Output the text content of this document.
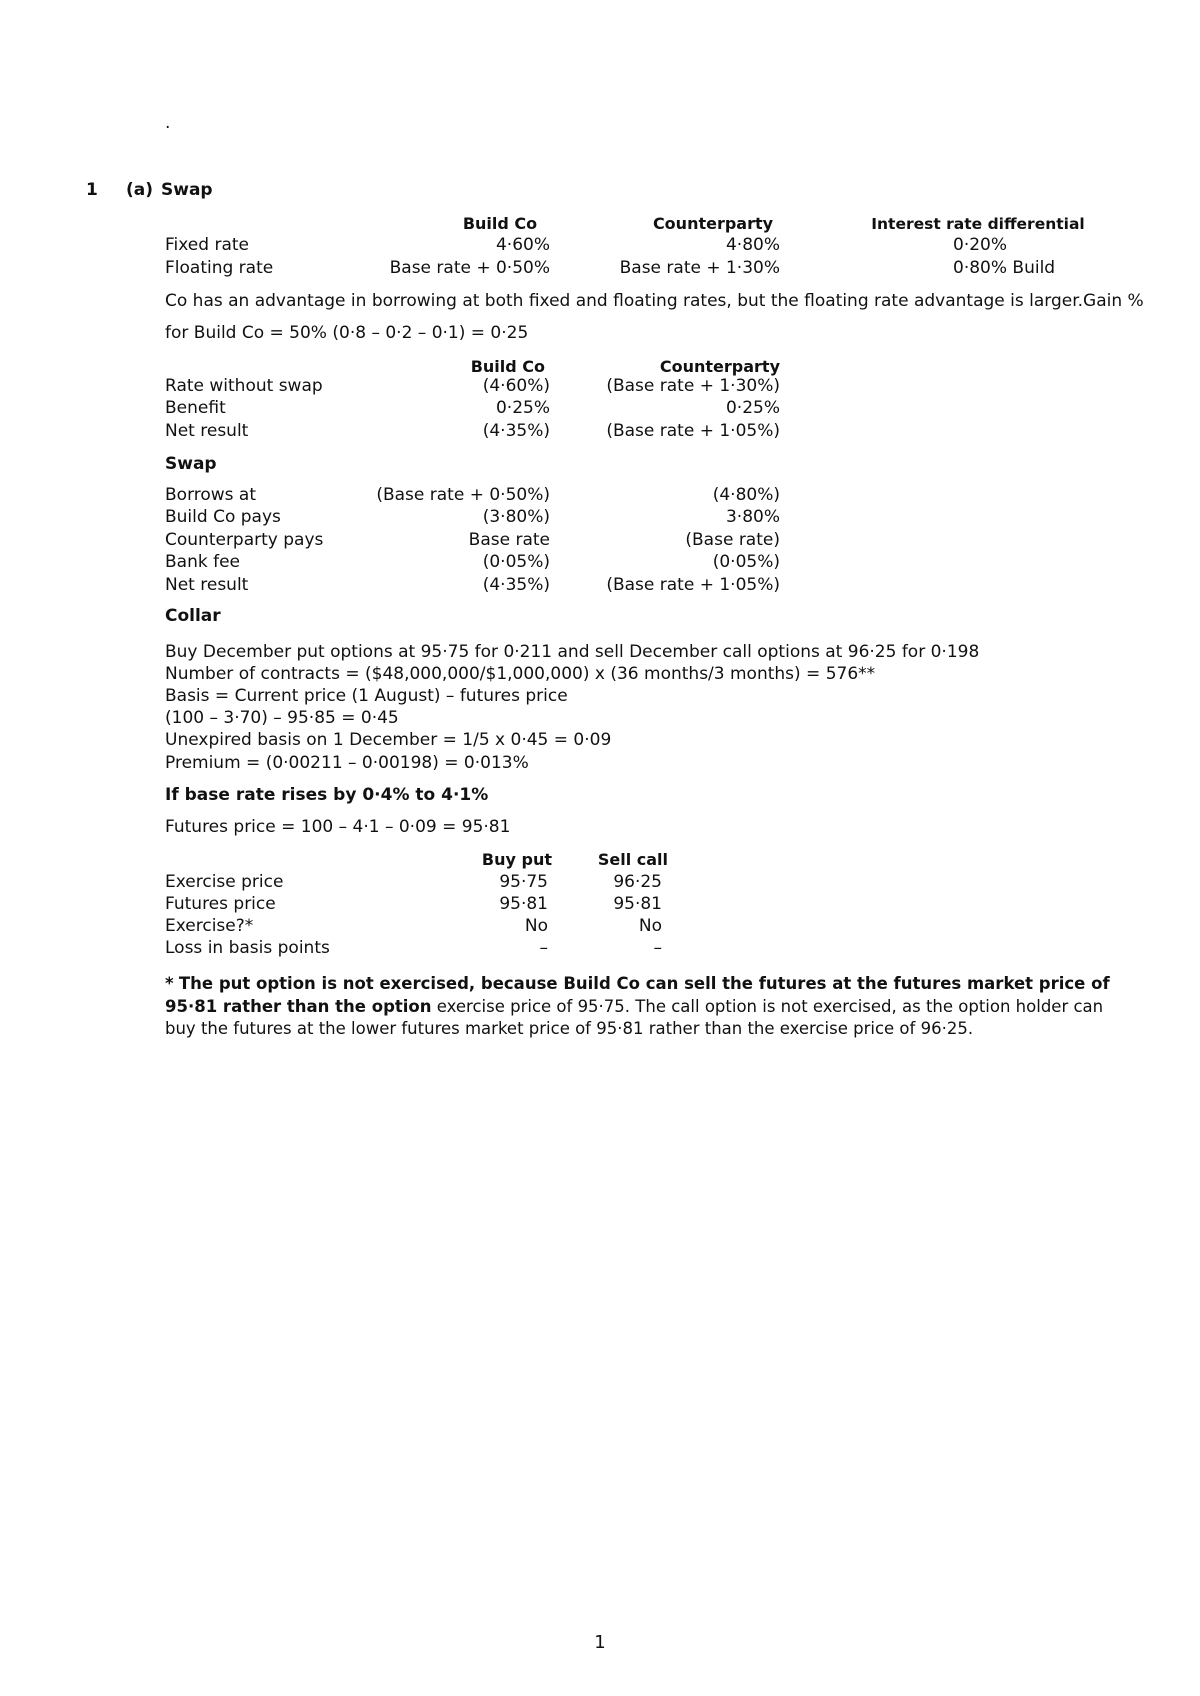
.
1 (a) Swap
Build Co	Counterparty	Interest rate differential
Fixed rate	4·60%	4·80%	0·20%
Floating rate	Base rate + 0·50%	Base rate + 1·30%	0·80% Build
Co has an advantage in borrowing at both fixed and floating rates, but the floating rate advantage is larger.Gain %
for Build Co = 50% (0·8 – 0·2 – 0·1) = 0·25
Build Co	Counterparty
Rate without swap	(4·60%)	(Base rate + 1·30%)
Benefit	0·25%	0·25%
Net result	(4·35%)	(Base rate + 1·05%)
Swap
Borrows at	(Base rate + 0·50%)	(4·80%)
Build Co pays	(3·80%)	3·80%
Counterparty pays	Base rate	(Base rate)
Bank fee	(0·05%)	(0·05%)
Net result	(4·35%)	(Base rate + 1·05%)
Collar
Buy December put options at 95·75 for 0·211 and sell December call options at 96·25 for 0·198
Number of contracts = ($48,000,000/$1,000,000) x (36 months/3 months) = 576**
Basis = Current price (1 August) – futures price
(100 – 3·70) – 95·85 = 0·45
Unexpired basis on 1 December = 1/5 x 0·45 = 0·09
Premium = (0·00211 – 0·00198) = 0·013%
If base rate rises by 0·4% to 4·1%
Futures price = 100 – 4·1 – 0·09 = 95·81
Buy put	Sell call
Exercise price	95·75	96·25
Futures price	95·81	95·81
Exercise?*	No	No
Loss in basis points	–	–
* The put option is not exercised, because Build Co can sell the futures at the futures market price of 95·81 rather than the option exercise price of 95·75. The call option is not exercised, as the option holder can buy the futures at the lower futures market price of 95·81 rather than the exercise price of 96·25.
1
